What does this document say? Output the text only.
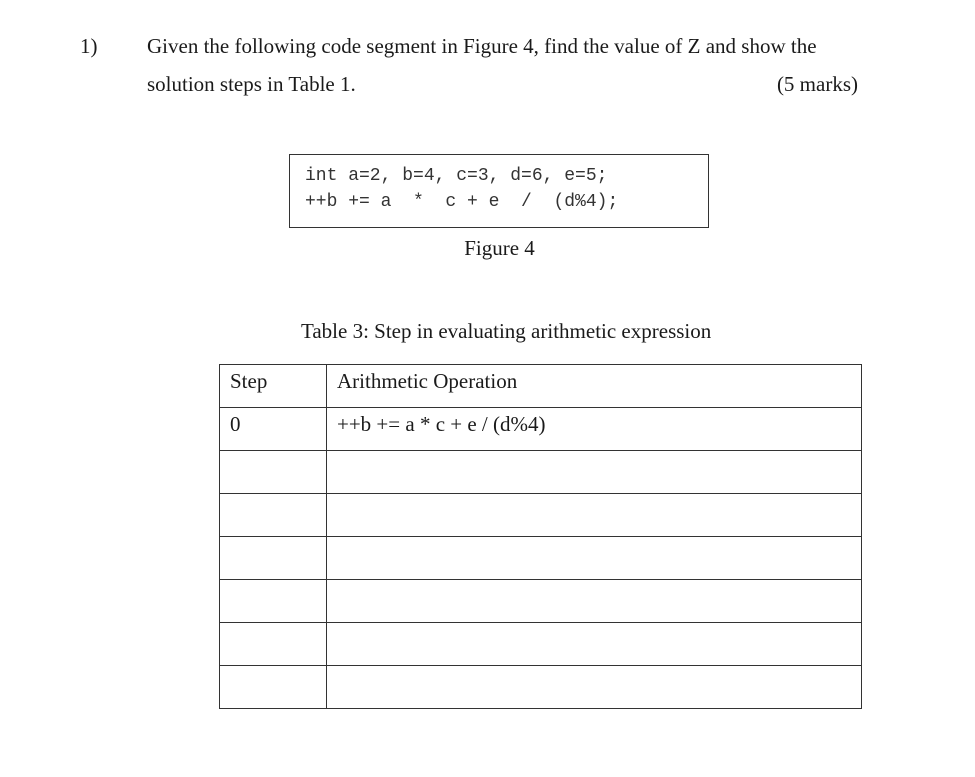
1) Given the following code segment in Figure 4, find the value of Z and show the
solution steps in Table 1.	(5 marks)
int a=2, b=4, c=3, d=6, e=5;
++b += a  *  c + e  /  (d%4);
Figure 4
Table 3: Step in evaluating arithmetic expression
Step	Arithmetic Operation
0	++b += a * c + e / (d%4)
